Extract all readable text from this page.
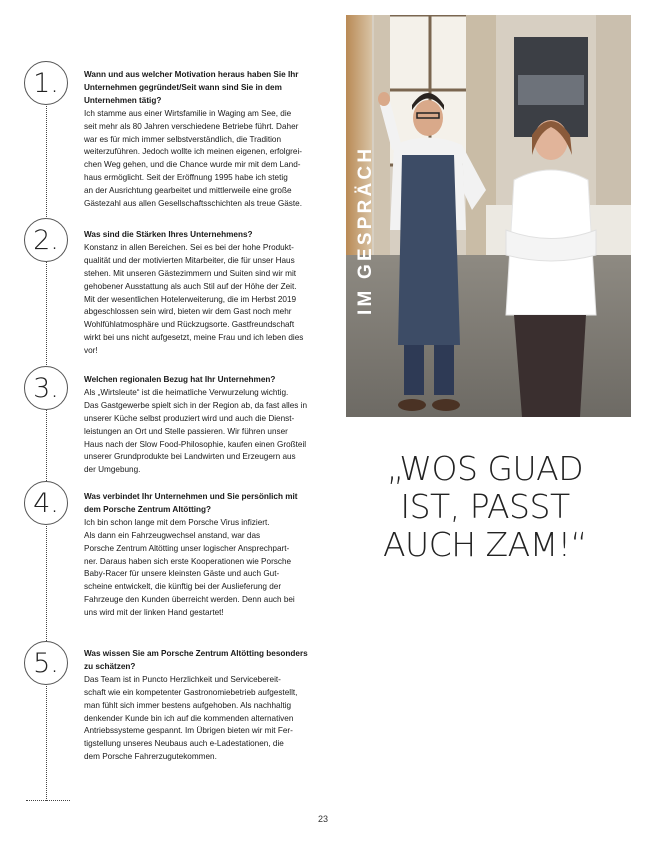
1.	Wann und aus welcher Motivation heraus haben Sie Ihr
Unternehmen gegründet/Seit wann sind Sie in dem
Unternehmen tätig?

Ich stamme aus einer Wirtsfamilie in Waging am See, die
seit mehr als 80 Jahren verschiedene Betriebe führt. Daher
war es für mich immer selbstverständlich, die Tradition
weiterzuführen. Jedoch wollte ich meinen eigenen, erfolgrei-
chen Weg gehen, und die Chance wurde mir mit dem Land-
haus ermöglicht. Seit der Eröffnung 1995 habe ich stetig
an der Ausrichtung gearbeitet und mittlerweile eine große
Gästezahl aus allen Gesellschaftsschichten als treue Gäste.

2.	Was sind die Stärken Ihres Unternehmens?

Konstanz in allen Bereichen. Sei es bei der hohe Produkt-
qualität und der motivierten Mitarbeiter, die für unser Haus
stehen. Mit unseren Gästezimmern und Suiten sind wir mit
gehobener Ausstattung als auch Stil auf der Höhe der Zeit.
Mit der wesentlichen Hotelerweiterung, die im Herbst 2019
abgeschlossen sein wird, bieten wir dem Gast noch mehr
Wohlfühlatmosphäre und Rückzugsorte. Gastfreundschaft
wirkt bei uns nicht aufgesetzt, meine Frau und ich leben dies
vor!

3.	Welchen regionalen Bezug hat Ihr Unternehmen?

Als „Wirtsleute“ ist die heimatliche Verwurzelung wichtig.
Das Gastgewerbe spielt sich in der Region ab, da fast alles in
unserer Küche selbst produziert wird und auch die Dienst-
leistungen an Ort und Stelle passieren. Wir führen unser
Haus nach der Slow Food-Philosophie, kaufen einen Großteil
unserer Grundprodukte bei Landwirten und Erzeugern aus
der Umgebung.

4.	Was verbindet Ihr Unternehmen und Sie persönlich mit
dem Porsche Zentrum Altötting?

Ich bin schon lange mit dem Porsche Virus infiziert.
Als dann ein Fahrzeugwechsel anstand, war das
Porsche Zentrum Altötting unser logischer Ansprechpart-
ner. Daraus haben sich erste Kooperationen wie Porsche
Baby-Racer für unsere kleinsten Gäste und auch Gut-
scheine entwickelt, die künftig bei der Auslieferung der
Fahrzeuge den Kunden überreicht werden. Denn auch bei
uns wird mit der linken Hand gestartet!

5.	Was wissen Sie am Porsche Zentrum Altötting besonders
zu schätzen?

Das Team ist in Puncto Herzlichkeit und Servicebereit-
schaft wie ein kompetenter Gastronomiebetrieb aufgestellt,
man fühlt sich immer bestens aufgehoben. Als nachhaltig
denkender Kunde bin ich auf die kommenden alternativen
Antriebssysteme gespannt. Im Übrigen bieten wir mit Fer-
tigstellung unseres Neubaus auch e-Ladestationen, die
dem Porsche Fahrerzugutekommen.

IM GESPRÄCH
„WOS GUAD
IST, PASST
AUCH ZAM!“
23
